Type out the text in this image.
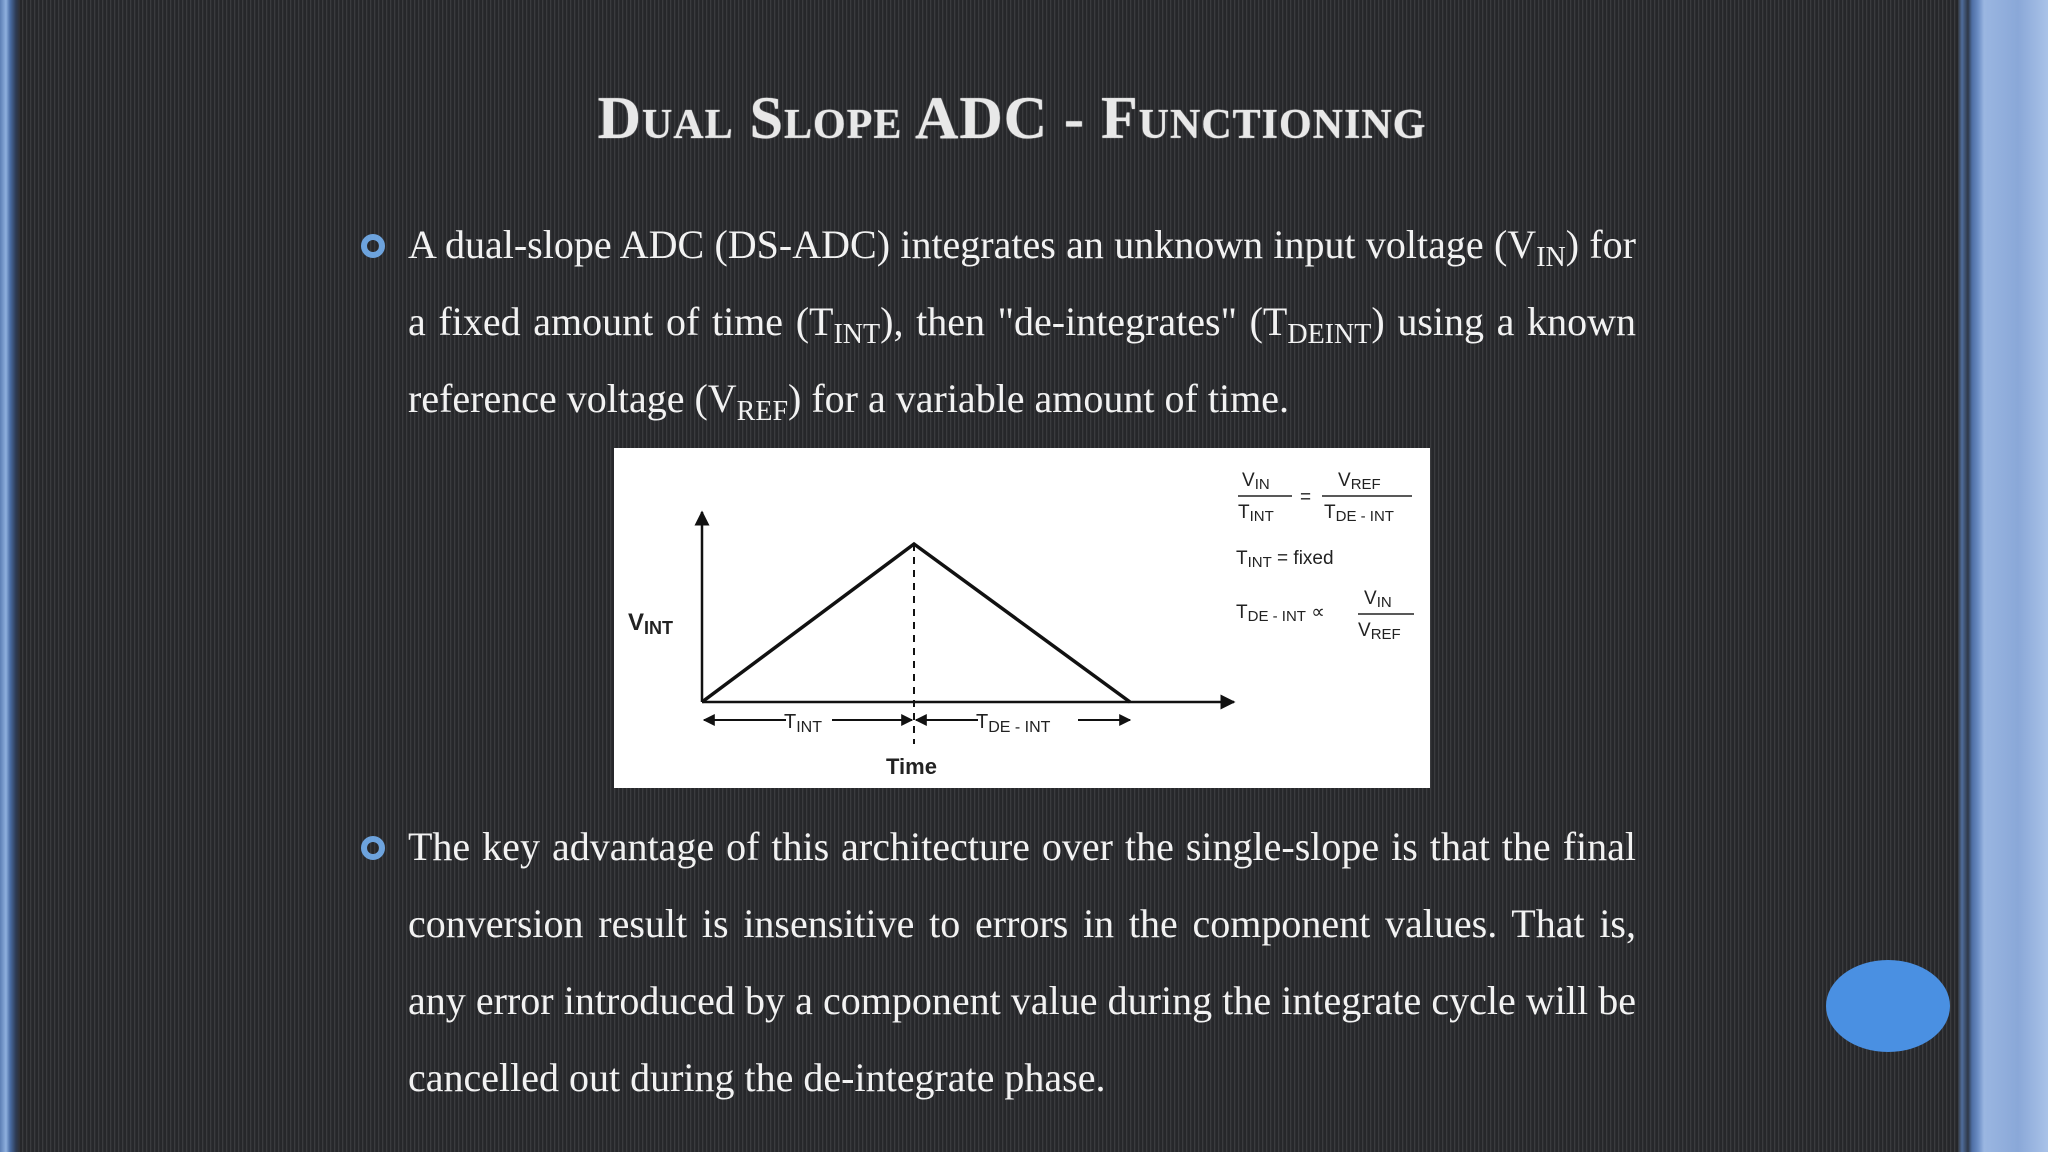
Dual Slope ADC - Functioning
A dual-slope ADC (DS-ADC) integrates an unknown input voltage $(V_{IN})$ for a fixed amount of time $(T_{INT})$, then "de-integrates" $(T_{DEINT})$ using a known reference voltage $(V_{REF})$ for a variable amount of time.
VINT
Time
$T_{INT}$	$T_{DE - INT}$
VIN
TINT
=
VREF
TDE - INT
TINT = fixed
TDE - INT ∝
VIN
VREF
The key advantage of this architecture over the single-slope is that the final conversion result is insensitive to errors in the component values. That is, any error introduced by a component value during the integrate cycle will be cancelled out during the de-integrate phase.
